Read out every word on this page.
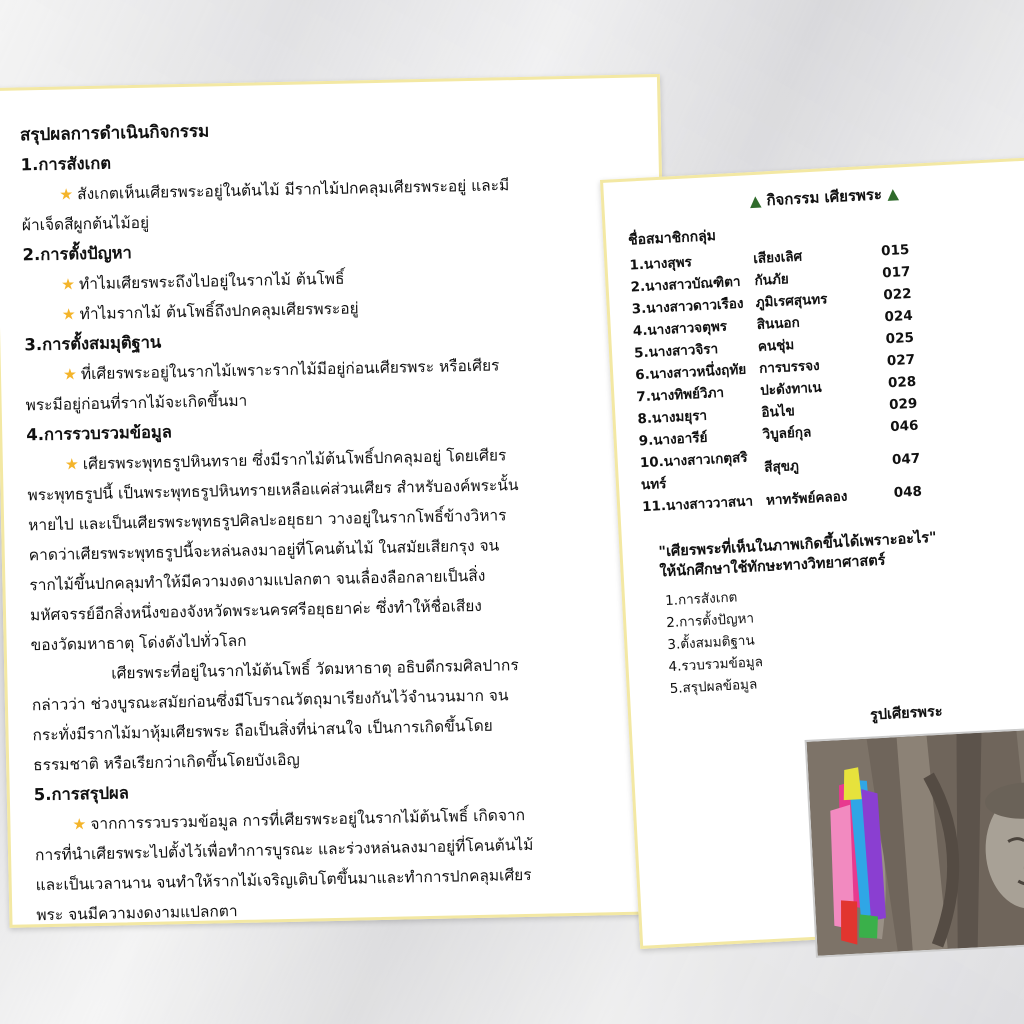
สรุปผลการดำเนินกิจกรรม

1.การสังเกต

★ สังเกตเห็นเศียรพระอยู่ในต้นไม้ มีรากไม้ปกคลุมเศียรพระอยู่ และมี

ผ้าเจ็ดสีผูกต้นไม้อยู่

2.การตั้งปัญหา

★ ทำไมเศียรพระถึงไปอยู่ในรากไม้ ต้นโพธิ์

★ ทำไมรากไม้ ต้นโพธิ์ถึงปกคลุมเศียรพระอยู่

3.การตั้งสมมุติฐาน

★ ที่เศียรพระอยู่ในรากไม้เพราะรากไม้มีอยู่ก่อนเศียรพระ หรือเศียร

พระมีอยู่ก่อนที่รากไม้จะเกิดขึ้นมา

4.การรวบรวมข้อมูล

★ เศียรพระพุทธรูปหินทราย ซึ่งมีรากไม้ต้นโพธิ์ปกคลุมอยู่ โดยเศียร

พระพุทธรูปนี้ เป็นพระพุทธรูปหินทรายเหลือแค่ส่วนเศียร สำหรับองค์พระนั้น

หายไป และเป็นเศียรพระพุทธรูปศิลปะอยุธยา วางอยู่ในรากโพธิ์ข้างวิหาร

คาดว่าเศียรพระพุทธรูปนี้จะหล่นลงมาอยู่ที่โคนต้นไม้ ในสมัยเสียกรุง จน

รากไม้ขึ้นปกคลุมทำให้มีความงดงามแปลกตา จนเลื่องลือกลายเป็นสิ่ง

มหัศจรรย์อีกสิ่งหนึ่งของจังหวัดพระนครศรีอยุธยาค่ะ ซึ่งทำให้ชื่อเสียง

ของวัดมหาธาตุ โด่งดังไปทั่วโลก

เศียรพระที่อยู่ในรากไม้ต้นโพธิ์ วัดมหาธาตุ อธิบดีกรมศิลปากร

กล่าวว่า ช่วงบูรณะสมัยก่อนซึ่งมีโบราณวัตถุมาเรียงกันไว้จำนวนมาก จน

กระทั่งมีรากไม้มาหุ้มเศียรพระ ถือเป็นสิ่งที่น่าสนใจ เป็นการเกิดขึ้นโดย

ธรรมชาติ หรือเรียกว่าเกิดขึ้นโดยบังเอิญ

5.การสรุปผล

★ จากการรวบรวมข้อมูล การที่เศียรพระอยู่ในรากไม้ต้นโพธิ์ เกิดจาก

การที่นำเศียรพระไปตั้งไว้เพื่อทำการบูรณะ และร่วงหล่นลงมาอยู่ที่โคนต้นไม้

และเป็นเวลานาน จนทำให้รากไม้เจริญเติบโตขึ้นมาและทำการปกคลุมเศียร

พระ จนมีความงดงามแปลกตา

▲ กิจกรรม เศียรพระ ▲

ชื่อสมาชิกกลุ่ม

1.นางสุพร	เสียงเลิศ	015
2.นางสาวบัณฑิตา	กันภัย	017
3.นางสาวดาวเรือง	ภูมิเรศสุนทร	022
4.นางสาวจตุพร	สินนอก	024
5.นางสาวจิรา	คนชุ่ม	025
6.นางสาวหนึ่งฤทัย	การบรรจง	027
7.นางทิพย์วิภา	ปะดังทาเน	028
8.นางมยุรา	อินไข	029
9.นางอารีย์	วิบูลย์กุล	046
10.นางสาวเกตุสรินทร์	สีสุขภู	047
11.นางสาววาสนา	หาทรัพย์คลอง	048
"เศียรพระที่เห็นในภาพเกิดขึ้นได้เพราะอะไร"
ให้นักศึกษาใช้ทักษะทางวิทยาศาสตร์
1.การสังเกต
2.การตั้งปัญหา
3.ตั้งสมมติฐาน
4.รวบรวมข้อมูล
5.สรุปผลข้อมูล

รูปเศียรพระ
